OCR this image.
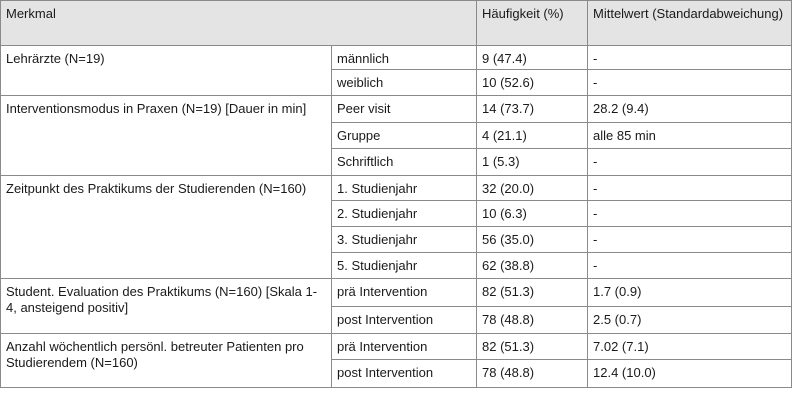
Merkmal		Häufigkeit (%)	Mittelwert (Standardabweichung)
Lehrärzte (N=19)	männlich	9 (47.4)	-
	weiblich	10 (52.6)	-
Interventionsmodus in Praxen (N=19) [Dauer in min]	Peer visit	14 (73.7)	28.2 (9.4)
	Gruppe	4 (21.1)	alle 85 min
	Schriftlich	1 (5.3)	-
Zeitpunkt des Praktikums der Studierenden (N=160)	1. Studienjahr	32 (20.0)	-
	2. Studienjahr	10 (6.3)	-
	3. Studienjahr	56 (35.0)	-
	5. Studienjahr	62 (38.8)	-
Student. Evaluation des Praktikums (N=160) [Skala 1-4, ansteigend positiv]	prä Intervention	82 (51.3)	1.7 (0.9)
	post Intervention	78 (48.8)	2.5 (0.7)
Anzahl wöchentlich persönl. betreuter Patienten pro Studierendem (N=160)	prä Intervention	82 (51.3)	7.02 (7.1)
	post Intervention	78 (48.8)	12.4 (10.0)
